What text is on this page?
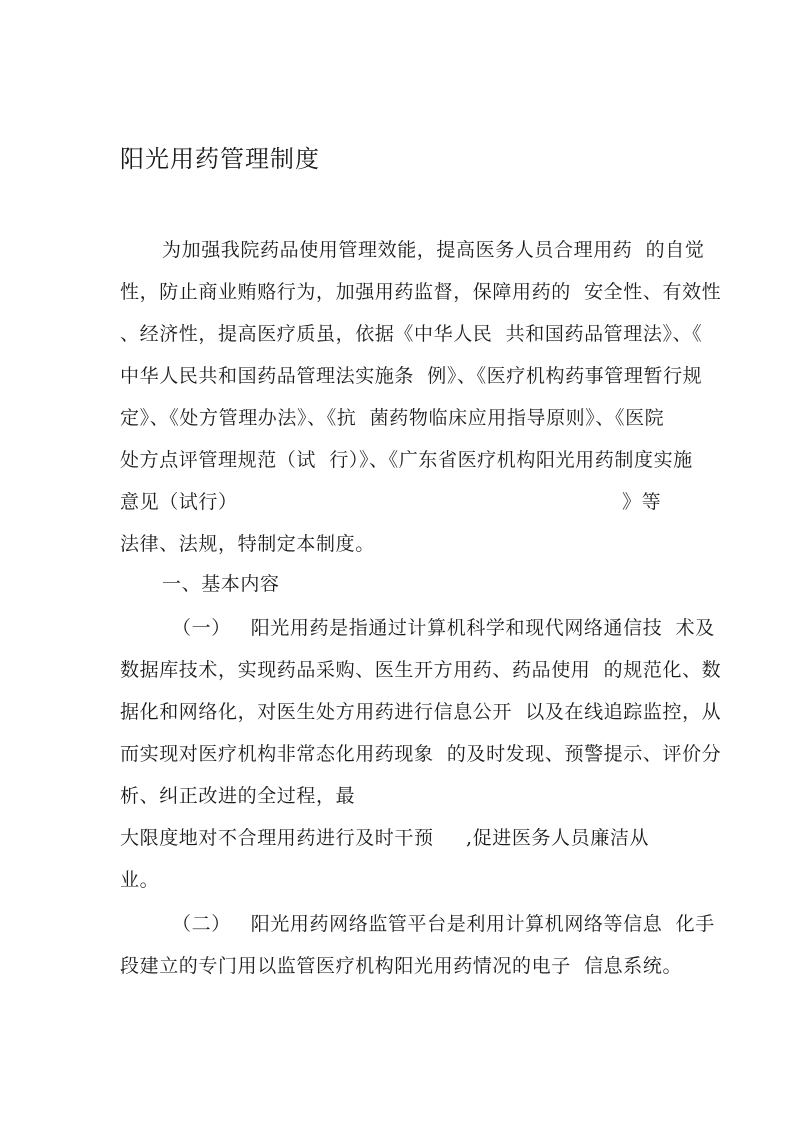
阳光用药管理制度
为加强我院药品使用管理效能，提高医务人员合理用药  的自觉
性，防止商业贿赂行为，加强用药监督，保障用药的  安全性、有效性
、经济性，提高医疗质虽，依据《中华人民  共和国药品管理法》、《
中华人民共和国药品管理法实施条  例》、《医疗机构药事管理暂行规
定》、《处方管理办法》、《抗  菌药物临床应用指导原则》、《医院
处方点评管理规范（试  行）》、《广东省医疗机构阳光用药制度实施
意见（试行）	》等
法律、法规，特制定本制度。
一、基本内容
（一）   阳光用药是指通过计算机科学和现代网络通信技  术及
数据库技术，实现药品采购、医生开方用药、药品使用  的规范化、数
据化和网络化，对医生处方用药进行信息公开  以及在线追踪监控，从
而实现对医疗机构非常态化用药现象  的及时发现、预警提示、评价分
析、纠正改进的全过程，最
大限度地对不合理用药进行及时干预 ,促进医务人员廉洁从
业。
（二）   阳光用药网络监管平台是利用计算机网络等信息  化手
段建立的专门用以监管医疗机构阳光用药情况的电子  信息系统。
